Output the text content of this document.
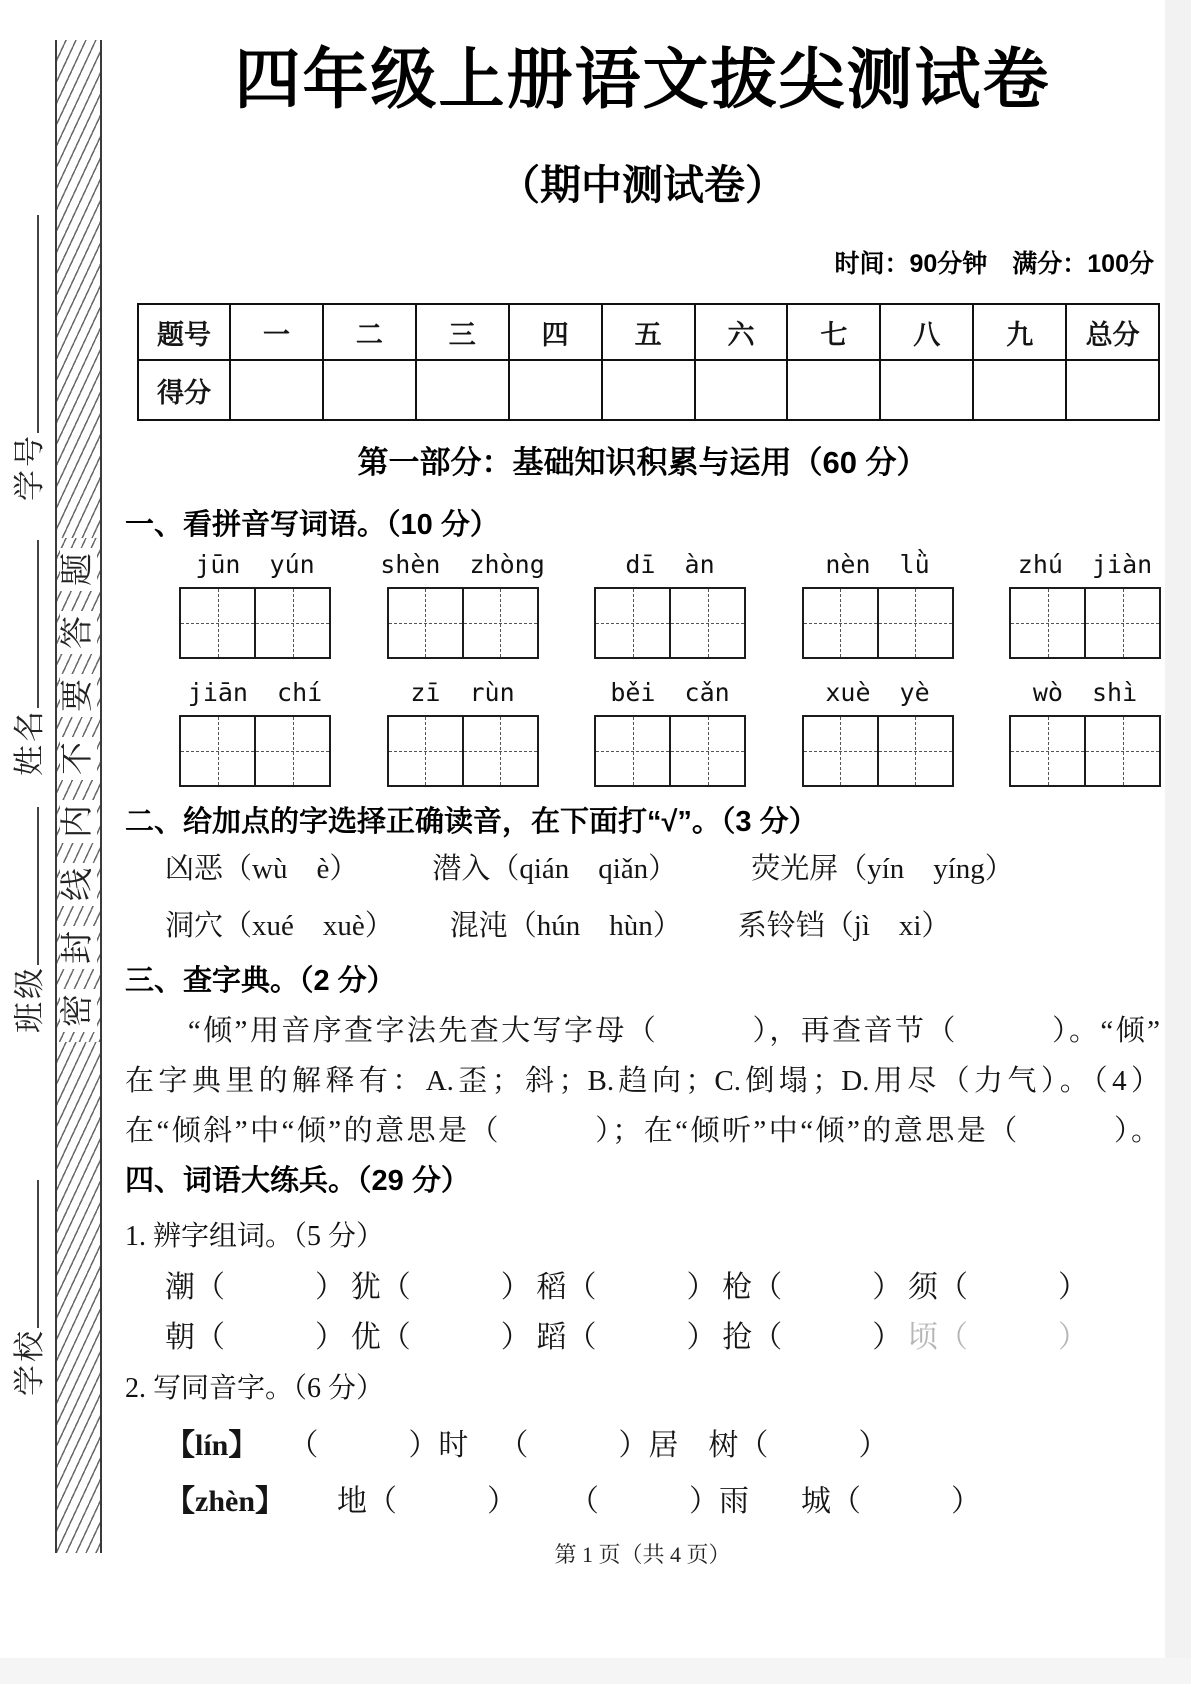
学号
姓名
班级
学校
题
答
要
不
内
线
封
密
四年级上册语文拔尖测试卷
（期中测试卷）
时间：90分钟　满分：100分
题号	一	二	三	四	五	六	七	八	九	总分
得分
第一部分：基础知识积累与运用（60 分）
一、看拼音写词语。（10 分）
jūn yún	shèn zhòng	dī àn	nèn lǜ	zhú jiàn
jiān chí	zī rùn	běi cǎn	xuè yè	wò shì
二、给加点的字选择正确读音，在下面打“√”。（3 分）
凶恶（wù　è）	潜入（qián　qiǎn）	荧光屏（yín　yíng）
洞穴（xué　xuè） 混沌（hún　hùn） 系铃铛（jì　xi）
三、查字典。（2 分）
　　“倾”用音序查字法先查大写字母（　　　），再查音节（　　　）。“倾”
在字典里的解释有：A.歪；斜；B.趋向；C.倒塌；D.用尽（力气）。（4）
在“倾斜”中“倾”的意思是（　　　）；在“倾听”中“倾”的意思是（　　　）。
四、词语大练兵。（29 分）
1. 辨字组词。（5 分）
潮（　　　） 犹（　　　） 稻（　　　） 枪（　　　） 须（　　　）
朝（　　　） 优（　　　） 蹈（　　　） 抢（　　　） 顷（　　　）
2. 写同音字。（6 分）
【lín】 （　　　）时 （　　　）居 树（　　　）
【zhèn】 地（　　　） （　　　）雨 城（　　　）
第 1 页（共 4 页）
